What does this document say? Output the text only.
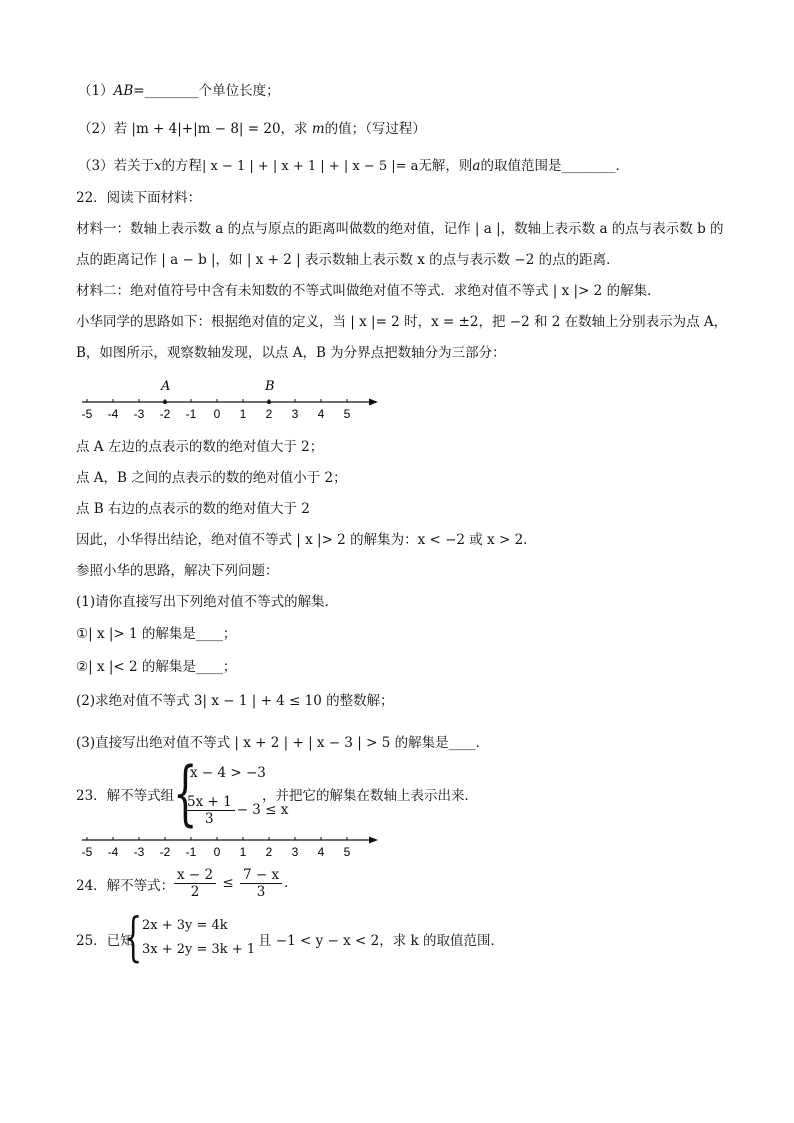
（1）AB=________个单位长度；
（2）若 |m + 4|+|m − 8| = 20，求 m的值；（写过程）
（3）若关于x的方程| x − 1 | + | x + 1 | + | x − 5 |= a无解，则a的取值范围是________．
22．阅读下面材料：
材料一：数轴上表示数 a 的点与原点的距离叫做数的绝对值，记作 | a |，数轴上表示数 a 的点与表示数 b 的
点的距离记作 | a − b |，如 | x + 2 | 表示数轴上表示数 x 的点与表示数 −2 的点的距离．
材料二：绝对值符号中含有未知数的不等式叫做绝对值不等式．求绝对值不等式 | x |> 2 的解集．
小华同学的思路如下：根据绝对值的定义，当 | x |= 2 时，x = ±2，把 −2 和 2 在数轴上分别表示为点 A，
B，如图所示，观察数轴发现，以点 A，B 为分界点把数轴分为三部分：
A	B
-5 -4 -3 -2 -1 0 1 2 3 4 5
点 A 左边的点表示的数的绝对值大于 2；
点 A，B 之间的点表示的数的绝对值小于 2；
点 B 右边的点表示的数的绝对值大于 2
因此，小华得出结论，绝对值不等式 | x |> 2 的解集为：x < −2 或 x > 2．
参照小华的思路，解决下列问题：
(1)请你直接写出下列绝对值不等式的解集．
①| x |> 1 的解集是____；
②| x |< 2 的解集是____；
(2)求绝对值不等式 3| x − 1 | + 4 ≤ 10 的整数解；
(3)直接写出绝对值不等式 | x + 2 | + | x − 3 | > 5 的解集是____．
23．解不等式组
{
x − 4 > −3
$\frac{5x + 1}{3} - 3 \le x$
，并把它的解集在数轴上表示出来．
-5 -4 -3 -2 -1 0 1 2 3 4 5
24．解不等式： $\frac{x - 2}{2} \le \frac{7 - x}{3}$ ．
25．已知
{ 2x + 3y = 4k
3x + 2y = 3k + 1
且 −1 < y − x < 2，求 k 的取值范围．
